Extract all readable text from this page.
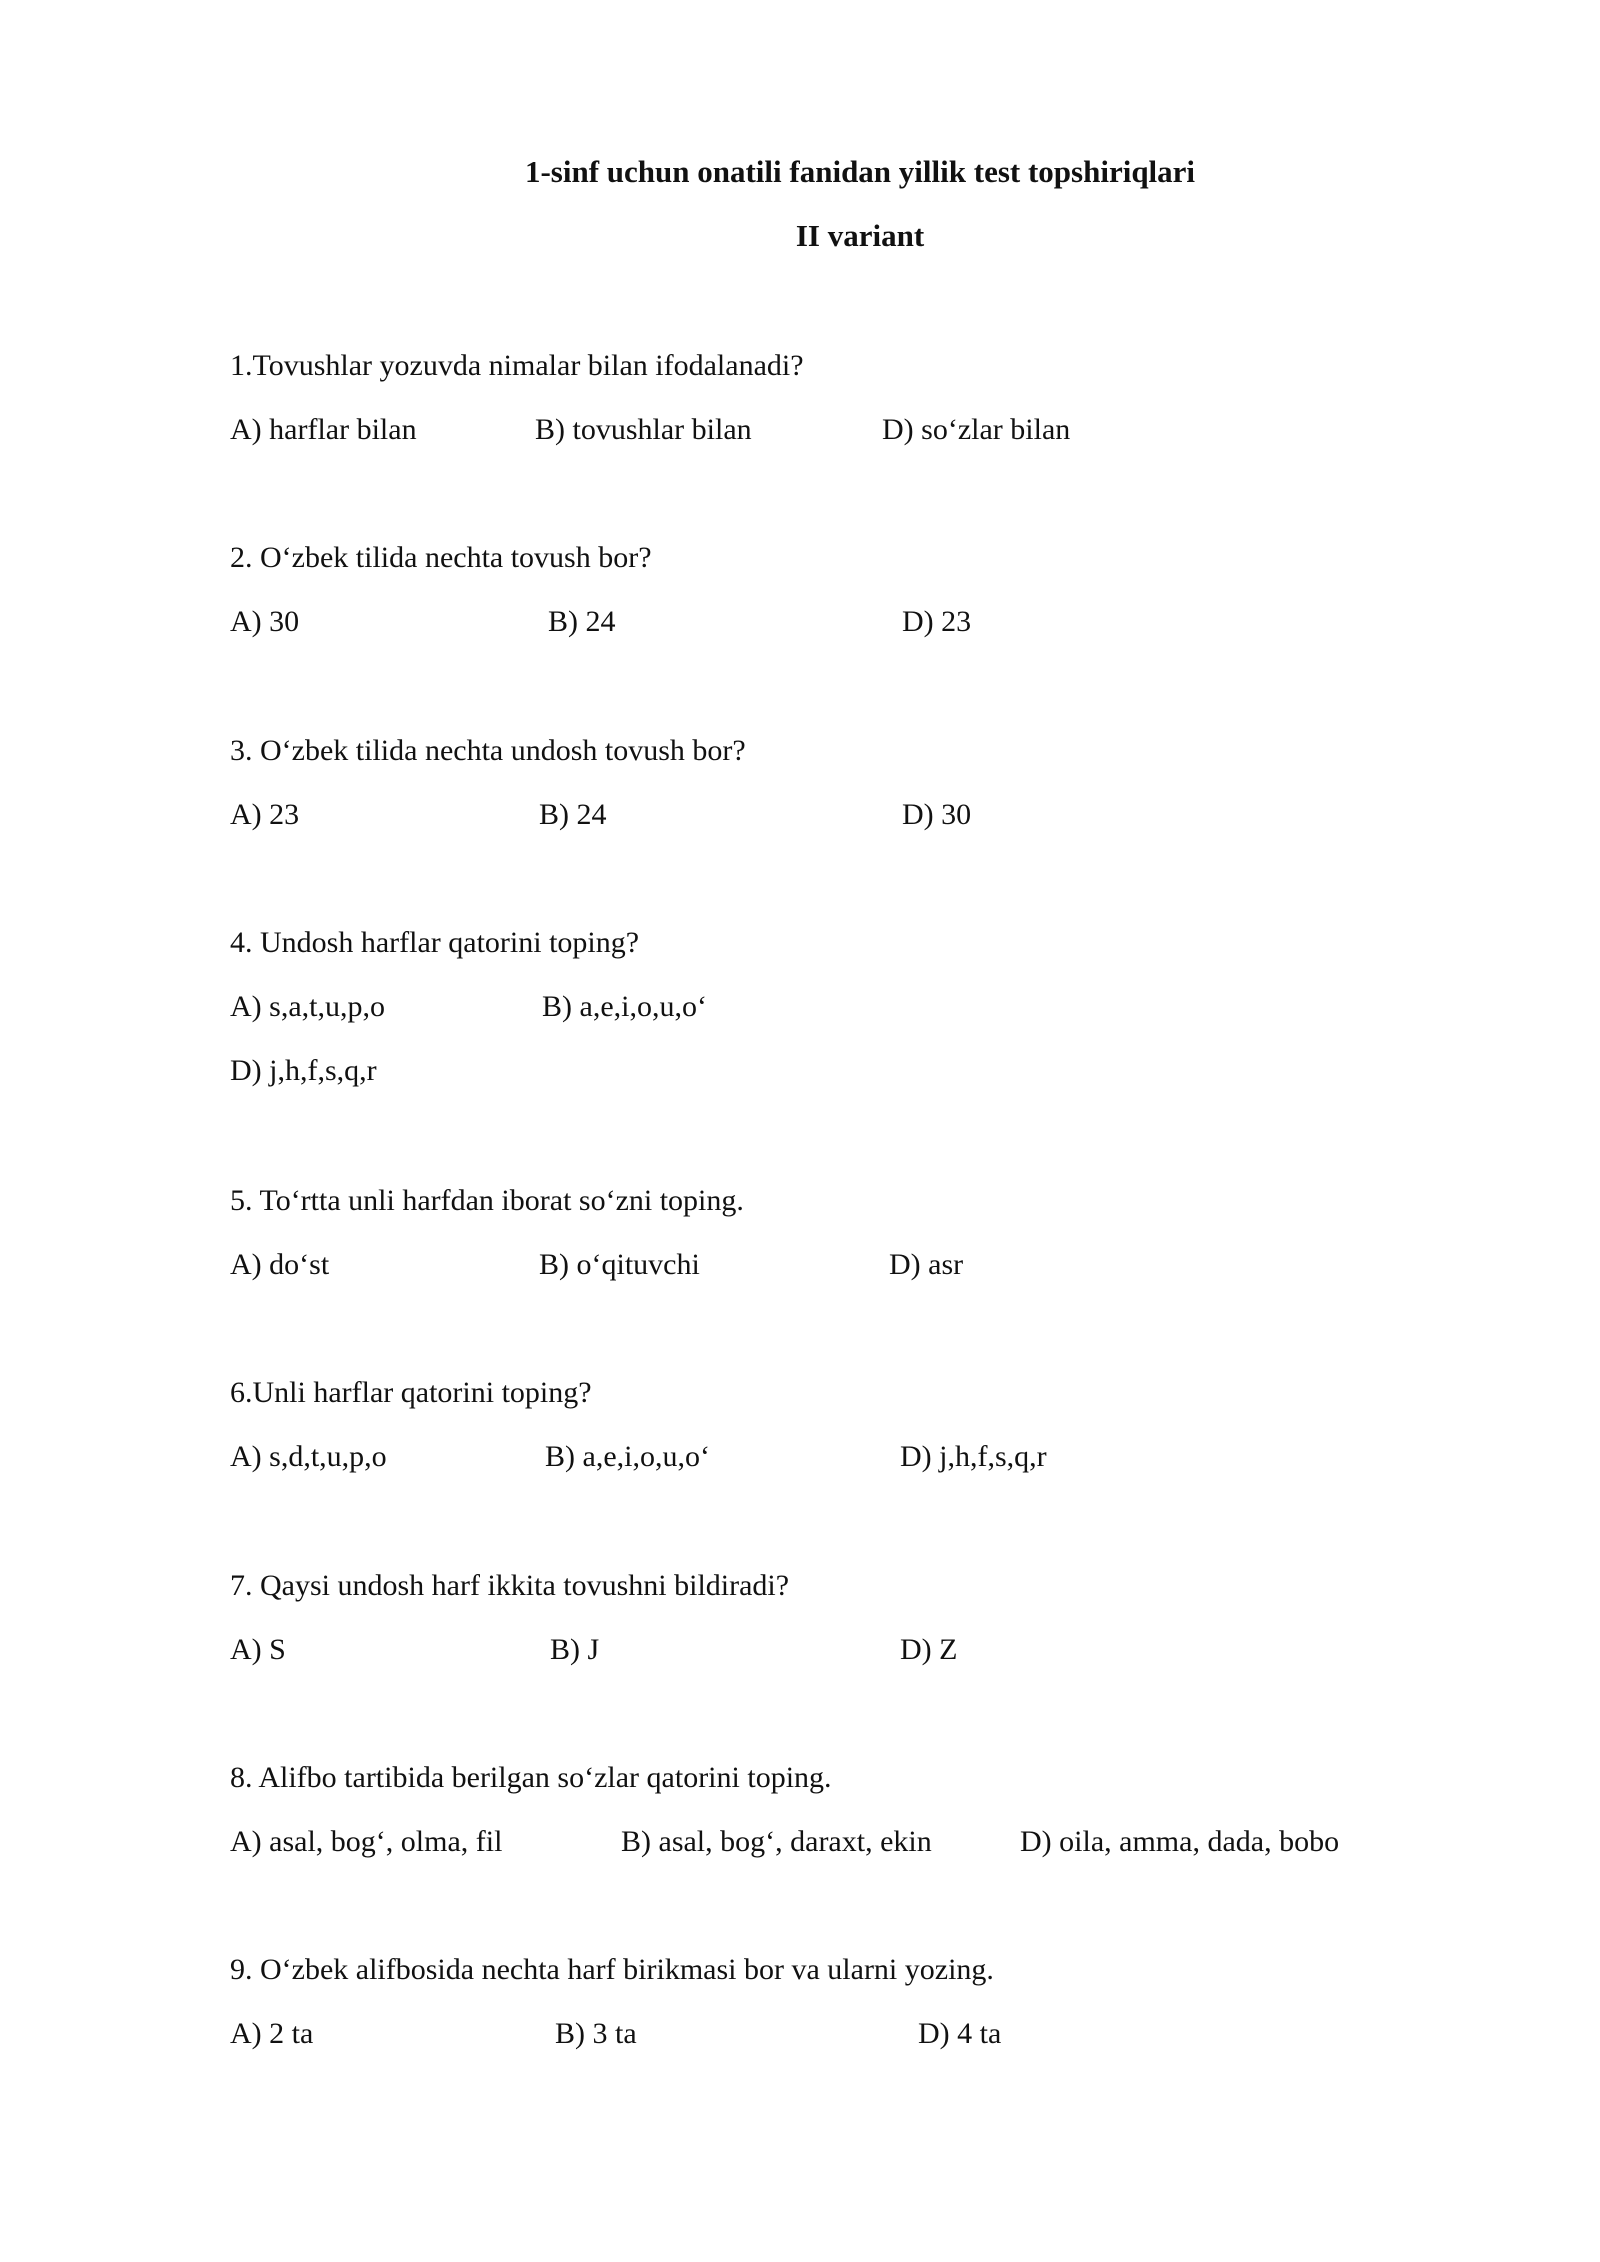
1-sinf uchun onatili fanidan yillik test topshiriqlari
II variant

1.Tovushlar yozuvda nimalar bilan ifodalanadi?

A) harflar bilan	B) tovushlar bilan	D) so‘zlar bilan

2. O‘zbek tilida nechta tovush bor?

A) 30	B) 24	D) 23

3. O‘zbek tilida nechta undosh tovush bor?

A) 23	B) 24	D) 30

4. Undosh harflar qatorini toping?

A) s,a,t,u,p,o	B) a,e,i,o,u,o‘

D) j,h,f,s,q,r

5. To‘rtta unli harfdan iborat so‘zni toping.

A) do‘st	B) o‘qituvchi	D) asr

6.Unli harflar qatorini toping?

A) s,d,t,u,p,o	B) a,e,i,o,u,o‘	D) j,h,f,s,q,r

7. Qaysi undosh harf ikkita tovushni bildiradi?

A) S	B) J	D) Z

8. Alifbo tartibida berilgan so‘zlar qatorini toping.

A) asal, bog‘, olma, fil	B) asal, bog‘, daraxt, ekin	D) oila, amma, dada, bobo

9. O‘zbek alifbosida nechta harf birikmasi bor va ularni yozing.

A) 2 ta	B) 3 ta	D) 4 ta
